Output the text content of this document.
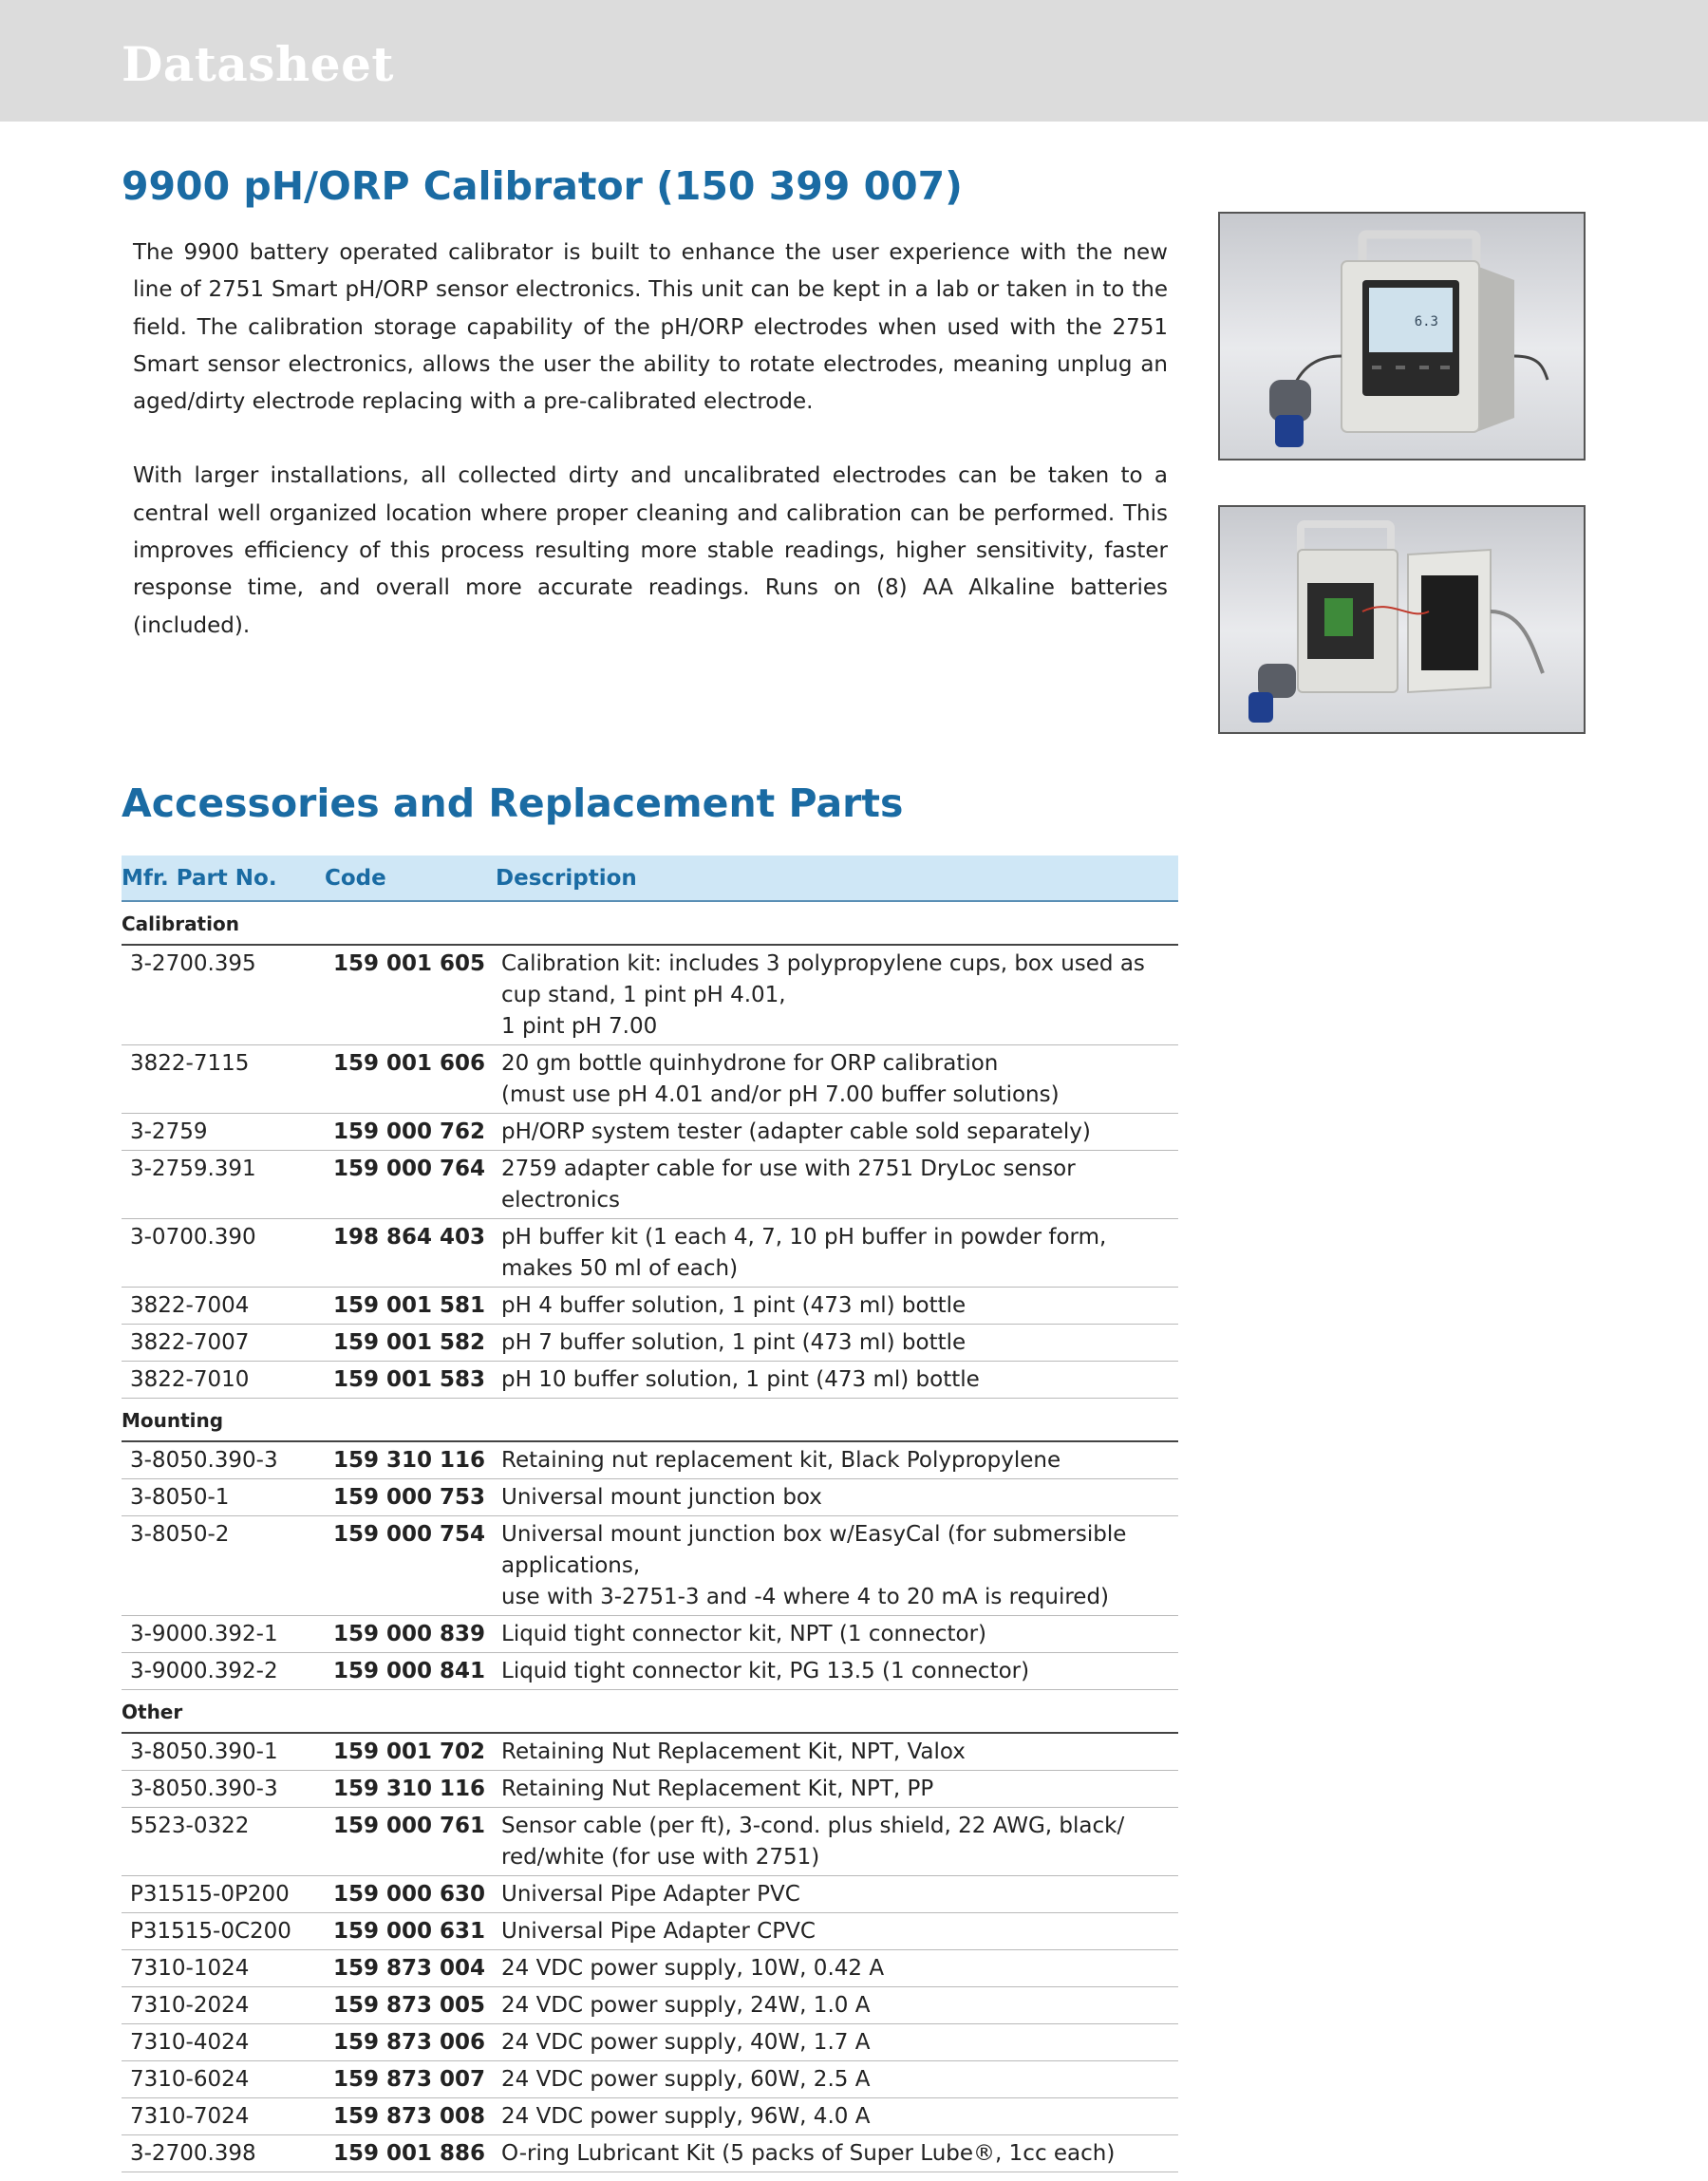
Datasheet
9900 pH/ORP Calibrator (150 399 007)

The 9900 battery operated calibrator is built to enhance the user experience with the new line of 2751 Smart pH/ORP sensor electronics. This unit can be kept in a lab or taken in to the field. The calibration storage capability of the pH/ORP electrodes when used with the 2751 Smart sensor electronics, allows the user the ability to rotate electrodes, meaning unplug an aged/dirty electrode replacing with a pre-calibrated electrode.

With larger installations, all collected dirty and uncalibrated electrodes can be taken to a central well organized location where proper cleaning and calibration can be performed. This improves efficiency of this process resulting more stable readings, higher sensitivity, faster response time, and overall more accurate readings. Runs on (8) AA Alkaline batteries (included).

6.3
Accessories and Replacement Parts
Mfr. Part No.	Code	Description
Calibration
3-2700.395	159 001 605 Calibration kit: includes 3 polypropylene cups, box used as
cup stand, 1 pint pH 4.01,
1 pint pH 7.00
3822-7115	159 001 606 20 gm bottle quinhydrone for ORP calibration
(must use pH 4.01 and/or pH 7.00 buffer solutions)
3-2759	159 000 762 pH/ORP system tester (adapter cable sold separately)
3-2759.391	159 000 764 2759 adapter cable for use with 2751 DryLoc sensor
electronics
3-0700.390	198 864 403 pH buffer kit (1 each 4, 7, 10 pH buffer in powder form,
makes 50 ml of each)
3822-7004	159 001 581 pH 4 buffer solution, 1 pint (473 ml) bottle
3822-7007	159 001 582 pH 7 buffer solution, 1 pint (473 ml) bottle
3822-7010	159 001 583 pH 10 buffer solution, 1 pint (473 ml) bottle
Mounting
3-8050.390-3	159 310 116 Retaining nut replacement kit, Black Polypropylene
3-8050-1	159 000 753 Universal mount junction box
3-8050-2	159 000 754 Universal mount junction box w/EasyCal (for submersible
applications,
use with 3-2751-3 and -4 where 4 to 20 mA is required)
3-9000.392-1	159 000 839 Liquid tight connector kit, NPT (1 connector)
3-9000.392-2	159 000 841 Liquid tight connector kit, PG 13.5 (1 connector)
Other
3-8050.390-1	159 001 702 Retaining Nut Replacement Kit, NPT, Valox
3-8050.390-3	159 310 116 Retaining Nut Replacement Kit, NPT, PP
5523-0322	159 000 761 Sensor cable (per ft), 3-cond. plus shield, 22 AWG, black/
red/white (for use with 2751)
P31515-0P200	159 000 630 Universal Pipe Adapter PVC
P31515-0C200	159 000 631 Universal Pipe Adapter CPVC
7310-1024	159 873 004 24 VDC power supply, 10W, 0.42 A
7310-2024	159 873 005 24 VDC power supply, 24W, 1.0 A
7310-4024	159 873 006 24 VDC power supply, 40W, 1.7 A
7310-6024	159 873 007 24 VDC power supply, 60W, 2.5 A
7310-7024	159 873 008 24 VDC power supply, 96W, 4.0 A
3-2700.398	159 001 886 O-ring Lubricant Kit (5 packs of Super Lube®, 1cc each)
